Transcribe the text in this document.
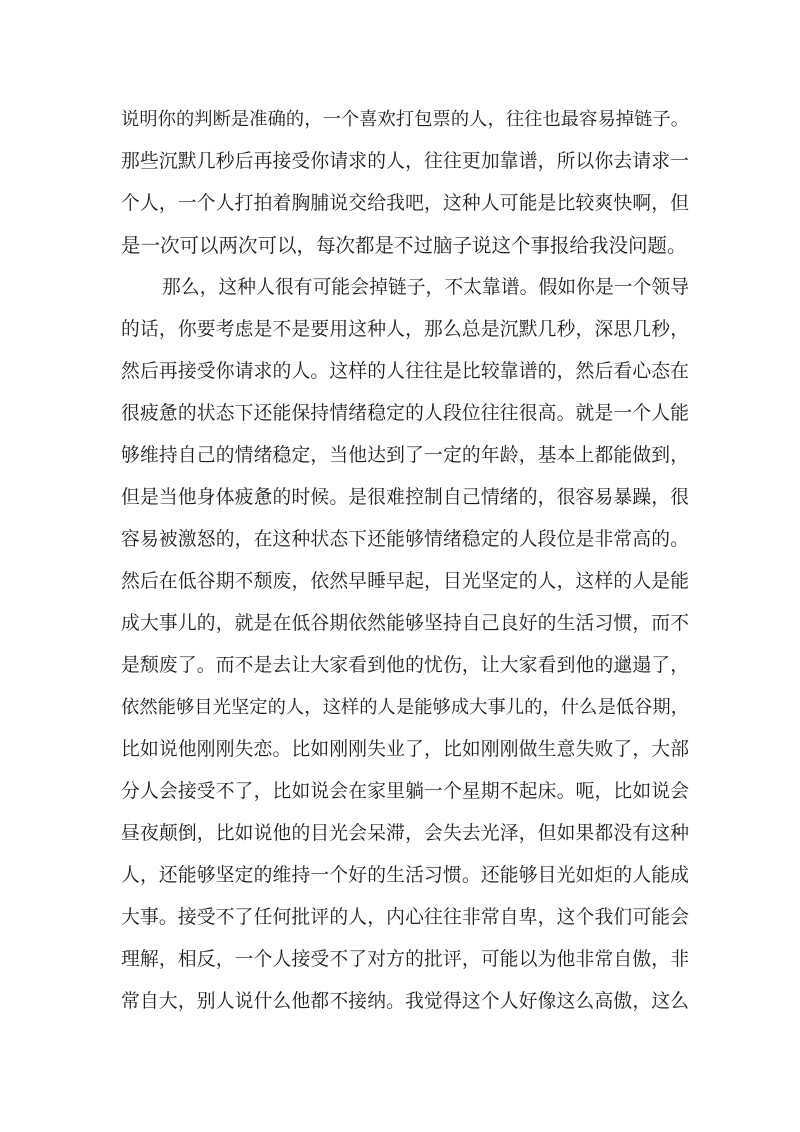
说明你的判断是准确的，一个喜欢打包票的人，往往也最容易掉链子。
那些沉默几秒后再接受你请求的人，往往更加靠谱，所以你去请求一
个人，一个人打拍着胸脯说交给我吧，这种人可能是比较爽快啊，但
是一次可以两次可以，每次都是不过脑子说这个事报给我没问题。
那么，这种人很有可能会掉链子，不太靠谱。假如你是一个领导
的话，你要考虑是不是要用这种人，那么总是沉默几秒，深思几秒，
然后再接受你请求的人。这样的人往往是比较靠谱的，然后看心态在
很疲惫的状态下还能保持情绪稳定的人段位往往很高。就是一个人能
够维持自己的情绪稳定，当他达到了一定的年龄，基本上都能做到，
但是当他身体疲惫的时候。是很难控制自己情绪的，很容易暴躁，很
容易被激怒的，在这种状态下还能够情绪稳定的人段位是非常高的。
然后在低谷期不颓废，依然早睡早起，目光坚定的人，这样的人是能
成大事儿的，就是在低谷期依然能够坚持自己良好的生活习惯，而不
是颓废了。而不是去让大家看到他的忧伤，让大家看到他的邋遢了，
依然能够目光坚定的人，这样的人是能够成大事儿的，什么是低谷期，
比如说他刚刚失恋。比如刚刚失业了，比如刚刚做生意失败了，大部
分人会接受不了，比如说会在家里躺一个星期不起床。呃，比如说会
昼夜颠倒，比如说他的目光会呆滞，会失去光泽，但如果都没有这种
人，还能够坚定的维持一个好的生活习惯。还能够目光如炬的人能成
大事。接受不了任何批评的人，内心往往非常自卑，这个我们可能会
理解，相反，一个人接受不了对方的批评，可能以为他非常自傲，非
常自大，别人说什么他都不接纳。我觉得这个人好像这么高傲，这么
